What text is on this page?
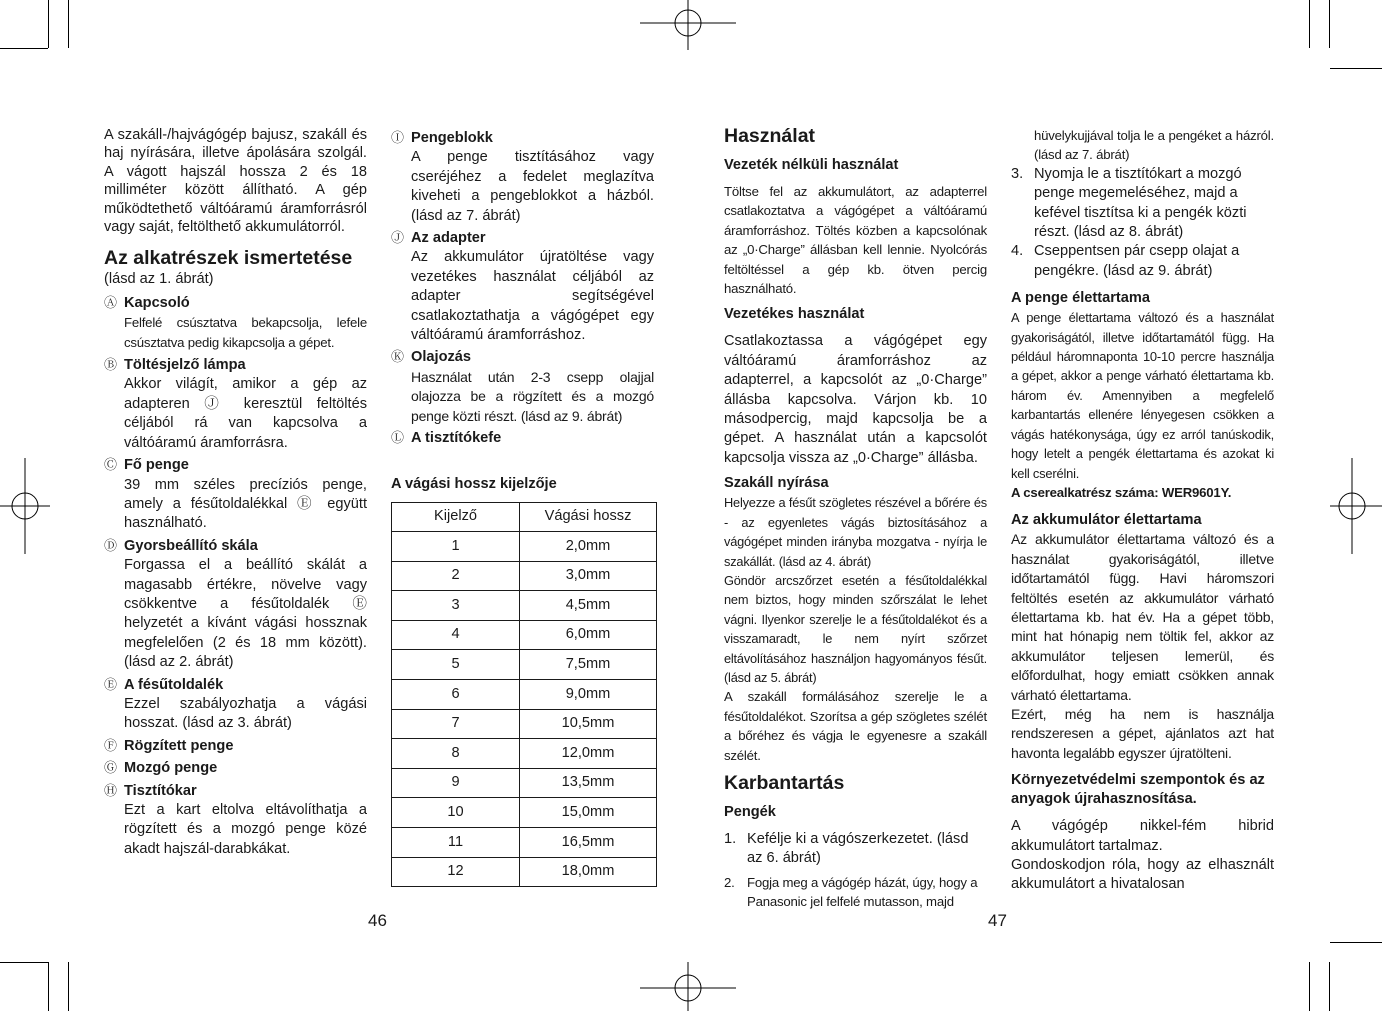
A szakáll-/hajvágógép bajusz, szakáll és haj nyírására, illetve ápolására szolgál. A vágott hajszál hossza 2 és 18 milliméter között állítható. A gép működtethető váltóáramú áramforrásról vagy saját, feltölthető akkumulátorról.

Az alkatrészek ismertetése

(lásd az 1. ábrát)

Ⓐ Kapcsoló

Felfelé csúsztatva bekapcsolja, lefele csúsztatva pedig kikapcsolja a gépet.

Ⓑ Töltésjelző lámpa

Akkor világít, amikor a gép az adapteren Ⓙ keresztül feltöltés céljából rá van kapcsolva a váltóáramú áramforrásra.

Ⓒ Fő penge

39 mm széles precíziós penge, amely a fésűtoldalékkal Ⓔ együtt használható.

Ⓓ Gyorsbeállító skála

Forgassa el a beállító skálát a magasabb értékre, növelve vagy csökkentve a fésűtoldalék Ⓔ helyzetét a kívánt vágási hossznak megfelelően (2 és 18 mm között). (lásd az 2. ábrát)

Ⓔ A fésűtoldalék

Ezzel szabályozhatja a vágási hosszat. (lásd az 3. ábrát)

Ⓕ Rögzített penge
Ⓖ Mozgó penge
Ⓗ Tisztítókar

Ezt a kart eltolva eltávolíthatja a rögzített és a mozgó penge közé akadt hajszál-darabkákat.

Ⓘ Pengeblokk

A penge tisztításához vagy cseréjéhez a fedelet meglazítva kiveheti a pengeblokkot a házból. (lásd az 7. ábrát)

Ⓙ Az adapter

Az akkumulátor újratöltése vagy vezetékes használat céljából az adapter segítségével csatlakoztathatja a vágógépet egy váltóáramú áramforráshoz.

Ⓚ Olajozás

Használat után 2-3 csepp olajjal olajozza be a rögzített és a mozgó penge közti részt. (lásd az 9. ábrát)

Ⓛ A tisztítókefe
A vágási hossz kijelzője
Kijelző	Vágási hossz
1	2,0mm
2	3,0mm
3	4,5mm
4	6,0mm
5	7,5mm
6	9,0mm
7	10,5mm
8	12,0mm
9	13,5mm
10	15,0mm
11	16,5mm
12	18,0mm
Használat
Vezeték nélküli használat

Töltse fel az akkumulátort, az adapterrel csatlakoztatva a vágógépet a váltóáramú áramforráshoz. Töltés közben a kapcsolónak az „0·Charge” állásban kell lennie. Nyolcórás feltöltéssel a gép kb. ötven percig használható.

Vezetékes használat

Csatlakoztassa a vágógépet egy váltóáramú áramforráshoz az adapterrel, a kapcsolót az „0·Charge” állásba kapcsolva. Várjon kb. 10 másodpercig, majd kapcsolja be a gépet. A használat után a kapcsolót kapcsolja vissza az „0·Charge” állásba.

Szakáll nyírása

Helyezze a fésűt szögletes részével a bőrére és - az egyenletes vágás biztosításához a vágógépet minden irányba mozgatva - nyírja le szakállát. (lásd az 4. ábrát)

Göndör arcszőrzet esetén a fésűtoldalékkal nem biztos, hogy minden szőrszálat le lehet vágni. Ilyenkor szerelje le a fésűtoldalékot és a visszamaradt, le nem nyírt szőrzet eltávolításához használjon hagyományos fésűt. (lásd az 5. ábrát)

A szakáll formálásához szerelje le a fésűtoldalékot. Szorítsa a gép szögletes szélét a bőréhez és vágja le egyenesre a szakáll szélét.

Karbantartás
Pengék
1. Kefélje ki a vágószerkezetet. (lásd az 6. ábrát)
2. Fogja meg a vágógép házát, úgy, hogy a Panasonic jel felfelé mutasson, majd

hüvelykujjával tolja le a pengéket a házról. (lásd az 7. ábrát)

3. Nyomja le a tisztítókart a mozgó penge megemeléséhez, majd a kefével tisztítsa ki a pengék közti részt. (lásd az 8. ábrát)
4. Cseppentsen pár csepp olajat a pengékre. (lásd az 9. ábrát)
A penge élettartama

A penge élettartama változó és a használat gyakoriságától, illetve időtartamától függ. Ha például háromnaponta 10-10 percre használja a gépet, akkor a penge várható élettartama kb. három év. Amennyiben a megfelelő karbantartás ellenére lényegesen csökken a vágás hatékonysága, úgy ez arról tanúskodik, hogy letelt a pengék élettartama és azokat ki kell cserélni.

A cserealkatrész száma: WER9601Y.
Az akkumulátor élettartama

Az akkumulátor élettartama változó és a használat gyakoriságától, illetve időtartamától függ. Havi háromszori feltöltés esetén az akkumulátor várható élettartama kb. hat év. Ha a gépet több, mint hat hónapig nem töltik fel, akkor az akkumulátor teljesen lemerül, és előfordulhat, hogy emiatt csökken annak várható élettartama.

Ezért, még ha nem is használja rendszeresen a gépet, ajánlatos azt hat havonta legalább egyszer újratölteni.

Környezetvédelmi szempontok és az anyagok újrahasznosítása.

A vágógép nikkel-fém hibrid akkumulátort tartalmaz.

Gondoskodjon róla, hogy az elhasznált akkumulátort a hivatalosan

46	47
